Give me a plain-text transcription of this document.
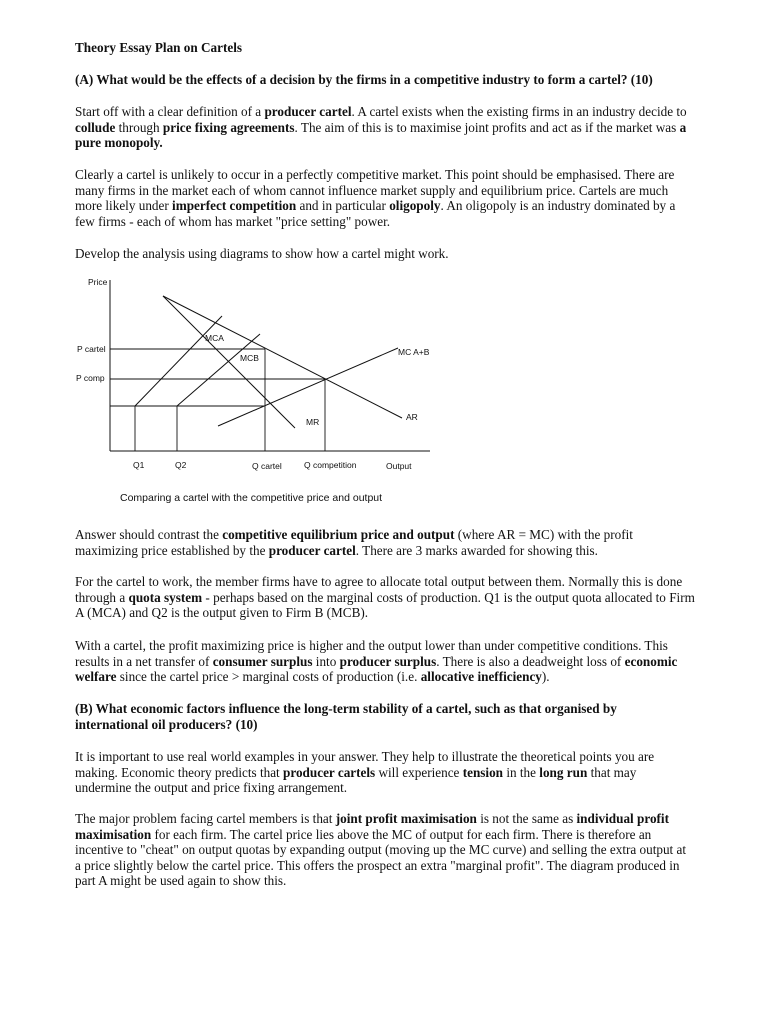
Theory Essay Plan on Cartels

(A) What would be the effects of a decision by the firms in a competitive industry to form a cartel? (10)

Start off with a clear definition of a producer cartel. A cartel exists when the existing firms in an industry decide to collude through price fixing agreements. The aim of this is to maximise joint profits and act as if the market was a pure monopoly.

Clearly a cartel is unlikely to occur in a perfectly competitive market. This point should be emphasised. There are many firms in the market each of whom cannot influence market supply and equilibrium price. Cartels are much more likely under imperfect competition and in particular oligopoly. An oligopoly is an industry dominated by a few firms - each of whom has market "price setting" power.

Develop the analysis using diagrams to show how a cartel might work.

Price
P cartel
P comp
MCA
MCB
MC A+B
MR	AR
Q1	Q2	Q cartel	Q competition	Output
Comparing a cartel with the competitive price and output

Answer should contrast the competitive equilibrium price and output (where AR = MC) with the profit maximizing price established by the producer cartel. There are 3 marks awarded for showing this.

For the cartel to work, the member firms have to agree to allocate total output between them. Normally this is done through a quota system - perhaps based on the marginal costs of production. Q1 is the output quota allocated to Firm A (MCA) and Q2 is the output given to Firm B (MCB).

With a cartel, the profit maximizing price is higher and the output lower than under competitive conditions. This results in a net transfer of consumer surplus into producer surplus. There is also a deadweight loss of economic welfare since the cartel price > marginal costs of production (i.e. allocative inefficiency).

(B) What economic factors influence the long-term stability of a cartel, such as that organised by international oil producers? (10)

It is important to use real world examples in your answer. They help to illustrate the theoretical points you are making. Economic theory predicts that producer cartels will experience tension in the long run that may undermine the output and price fixing arrangement.

The major problem facing cartel members is that joint profit maximisation is not the same as individual profit maximisation for each firm. The cartel price lies above the MC of output for each firm. There is therefore an incentive to "cheat" on output quotas by expanding output (moving up the MC curve) and selling the extra output at a price slightly below the cartel price. This offers the prospect an extra "marginal profit". The diagram produced in part A might be used again to show this.
